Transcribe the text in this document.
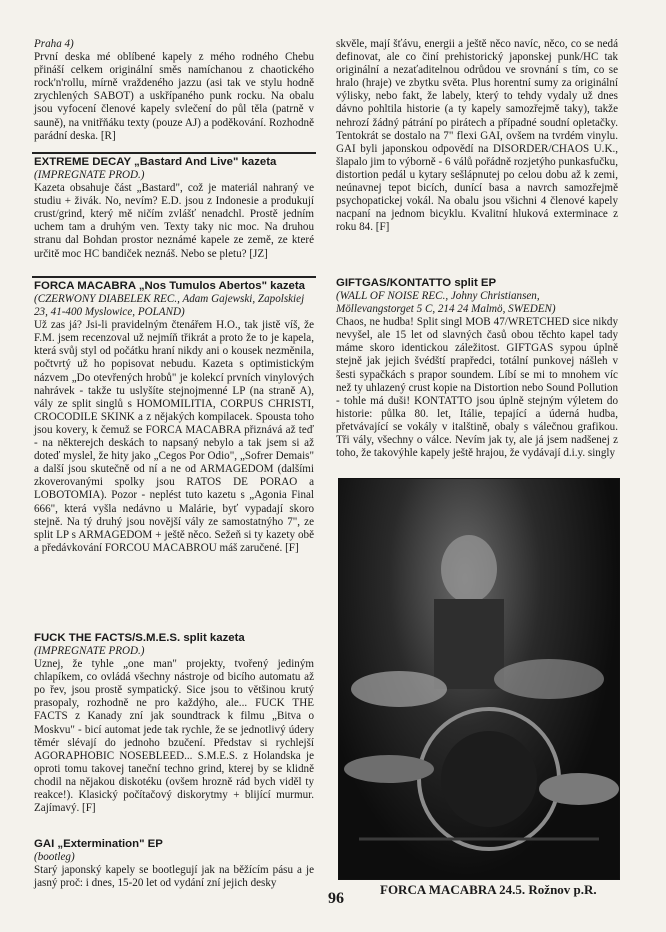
Praha 4)

První deska mé oblíbené kapely z mého rodného Chebu přináší celkem originální směs namíchanou z chaotického rock'n'rollu, mírně vraždeného jazzu (asi tak ve stylu hodně zrychlených SABOT) a uskřípaného punk rocku. Na obalu jsou vyfocení členové kapely svlečení do půl těla (patrně v sauně), na vnitřňáku texty (pouze AJ) a poděkování. Rozhodně parádní deska. [R]

EXTREME DECAY „Bastard And Live" kazeta

(IMPREGNATE PROD.)

Kazeta obsahuje část „Bastard", což je materiál nahraný ve studiu + živák. No, nevím? E.D. jsou z Indonesie a produkují crust/grind, který mě ničím zvlášť nenadchl. Prostě jedním uchem tam a druhým ven. Texty taky nic moc. Na druhou stranu dal Bohdan prostor neznámé kapele ze země, ze které určitě moc HC bandiček neznáš. Nebo se pletu? [JZ]

FORCA MACABRA „Nos Tumulos Abertos" kazeta

(CZERWONY DIABELEK REC., Adam Gajewski, Zapolskiej 23, 41-400 Myslowice, POLAND)

Už zas já? Jsi-li pravidelným čtenářem H.O., tak jistě víš, že F.M. jsem recenzoval už nejmíň třikrát a proto že to je kapela, která svůj styl od počátku hraní nikdy ani o kousek nezměnila, počtvrtý už ho popisovat nebudu. Kazeta s optimistickým názvem „Do otevřených hrobů" je kolekcí prvních vinylových nahrávek - takže tu uslyšíte stejnojmenné LP (na straně A), vály ze split singlů s HOMOMILITIA, CORPUS CHRISTI, CROCODILE SKINK a z nějakých kompilacek. Spousta toho jsou kovery, k čemuž se FORCA MACABRA přiznává až teď - na některejch deskách to napsaný nebylo a tak jsem si až doteď myslel, že hity jako „Cegos Por Odio", „Sofrer Demais" a další jsou skutečně od ní a ne od ARMAGEDOM (dalšími zkoverovanými spolky jsou RATOS DE PORAO a LOBOTOMIA). Pozor - neplést tuto kazetu s „Agonia Final 666", která vyšla nedávno u Malárie, byť vypadají skoro stejně. Na tý druhý jsou novější vály ze samostatnýho 7", ze split LP s ARMAGEDOM + ještě něco. Sežeň si ty kazety obě a předávkování FORCOU MACABROU máš zaručené. [F]

FUCK THE FACTS/S.M.E.S. split kazeta

(IMPREGNATE PROD.)

Uznej, že tyhle „one man" projekty, tvořený jediným chlapíkem, co ovládá všechny nástroje od bicího automatu až po řev, jsou prostě sympatický. Sice jsou to většinou krutý prasopaly, rozhodně ne pro každýho, ale... FUCK THE FACTS z Kanady zní jak soundtrack k filmu „Bitva o Moskvu" - bicí automat jede tak rychle, že se jednotlivý údery těmér slévají do jednoho bzučení. Představ si rychlejší AGORAPHOBIC NOSEBLEED... S.M.E.S. z Holandska je oproti tomu takovej taneční techno grind, kterej by se klidně chodil na nějakou diskotéku (ovšem hrozně rád bych viděl ty reakce!). Klasický počítačový diskorytmy + blijící murmur. Zajímavý. [F]

GAI „Extermination" EP

(bootleg)

Starý japonský kapely se bootlegují jak na běžícím pásu a je jasný proč: i dnes, 15-20 let od vydání zní jejich desky

skvěle, mají šťávu, energii a ještě něco navíc, něco, co se nedá definovat, ale co činí prehistorický japonskej punk/HC tak originální a nezaťaditelnou odrůdou ve srovnání s tím, co se hralo (hraje) ve zbytku světa. Plus horentní sumy za originální výlisky, nebo fakt, že labely, který to tehdy vydaly už dnes dávno pohltila historie (a ty kapely samozřejmě taky), takže nehrozí žádný pátrání po pirátech a případné soudní opletačky. Tentokrát se dostalo na 7" flexi GAI, ovšem na tvrdém vinylu. GAI byli japonskou odpovědí na DISORDER/CHAOS U.K., šlapalo jim to výborně - 6 válů pořádně rozjetýho punkasfučku, distortion pedál u kytary sešlápnutej po celou dobu až k zemi, neúnavnej tepot bicích, dunící basa a navrch samozřejmě psychopatickej vokál. Na obalu jsou všichni 4 členové kapely nacpaní na jednom bicyklu. Kvalitní hluková exterminace z roku 84. [F]

GIFTGAS/KONTATTO split EP

(WALL OF NOISE REC., Johny Christiansen, Möllevangstorget 5 C, 214 24 Malmö, SWEDEN)

Chaos, ne hudba! Split singl MOB 47/WRETCHED sice nikdy nevyšel, ale 15 let od slavných časů obou těchto kapel tady máme skoro identickou záležitost. GIFTGAS sypou úplně stejně jak jejich švédští prapředci, totální punkovej nášleh v šesti sypačkách s prapor soundem. Líbí se mi to mnohem víc než ty uhlazený crust kopie na Distortion nebo Sound Pollution - tohle má duši! KONTATTO jsou úplně stejným výletem do historie: půlka 80. let, Itálie, tepající a úderná hudba, přetvávající se vokály v italštině, obaly s válečnou grafikou. Tři vály, všechny o válce. Nevím jak ty, ale já jsem nadšenej z toho, že takovýhle kapely ještě hrajou, že vydávají d.i.y. singly

96
FORCA MACABRA 24.5. Rožnov p.R.
